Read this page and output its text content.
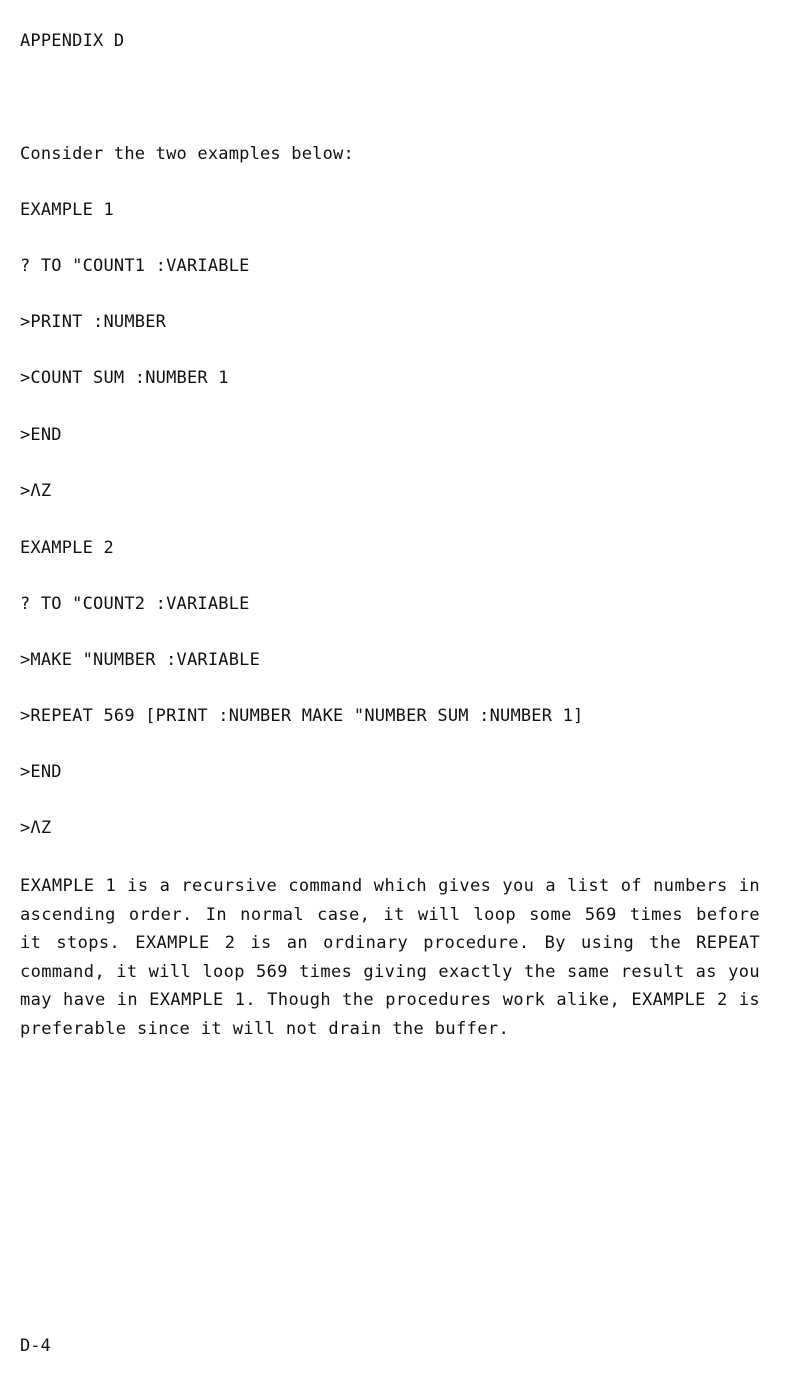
APPENDIX D
Consider the two examples below:
EXAMPLE 1
? TO "COUNT1 :VARIABLE
>PRINT :NUMBER
>COUNT SUM :NUMBER 1
>END
>ΛZ
EXAMPLE 2
? TO "COUNT2 :VARIABLE
>MAKE "NUMBER :VARIABLE
>REPEAT 569 [PRINT :NUMBER MAKE "NUMBER SUM :NUMBER 1]
>END
>ΛZ
EXAMPLE 1 is a recursive command which gives you a list of numbers in ascending order. In normal case, it will loop some 569 times before it stops. EXAMPLE 2 is an ordinary procedure. By using the REPEAT command, it will loop 569 times giving exactly the same result as you may have in EXAMPLE 1. Though the procedures work alike, EXAMPLE 2 is preferable since it will not drain the buffer.
D-4
